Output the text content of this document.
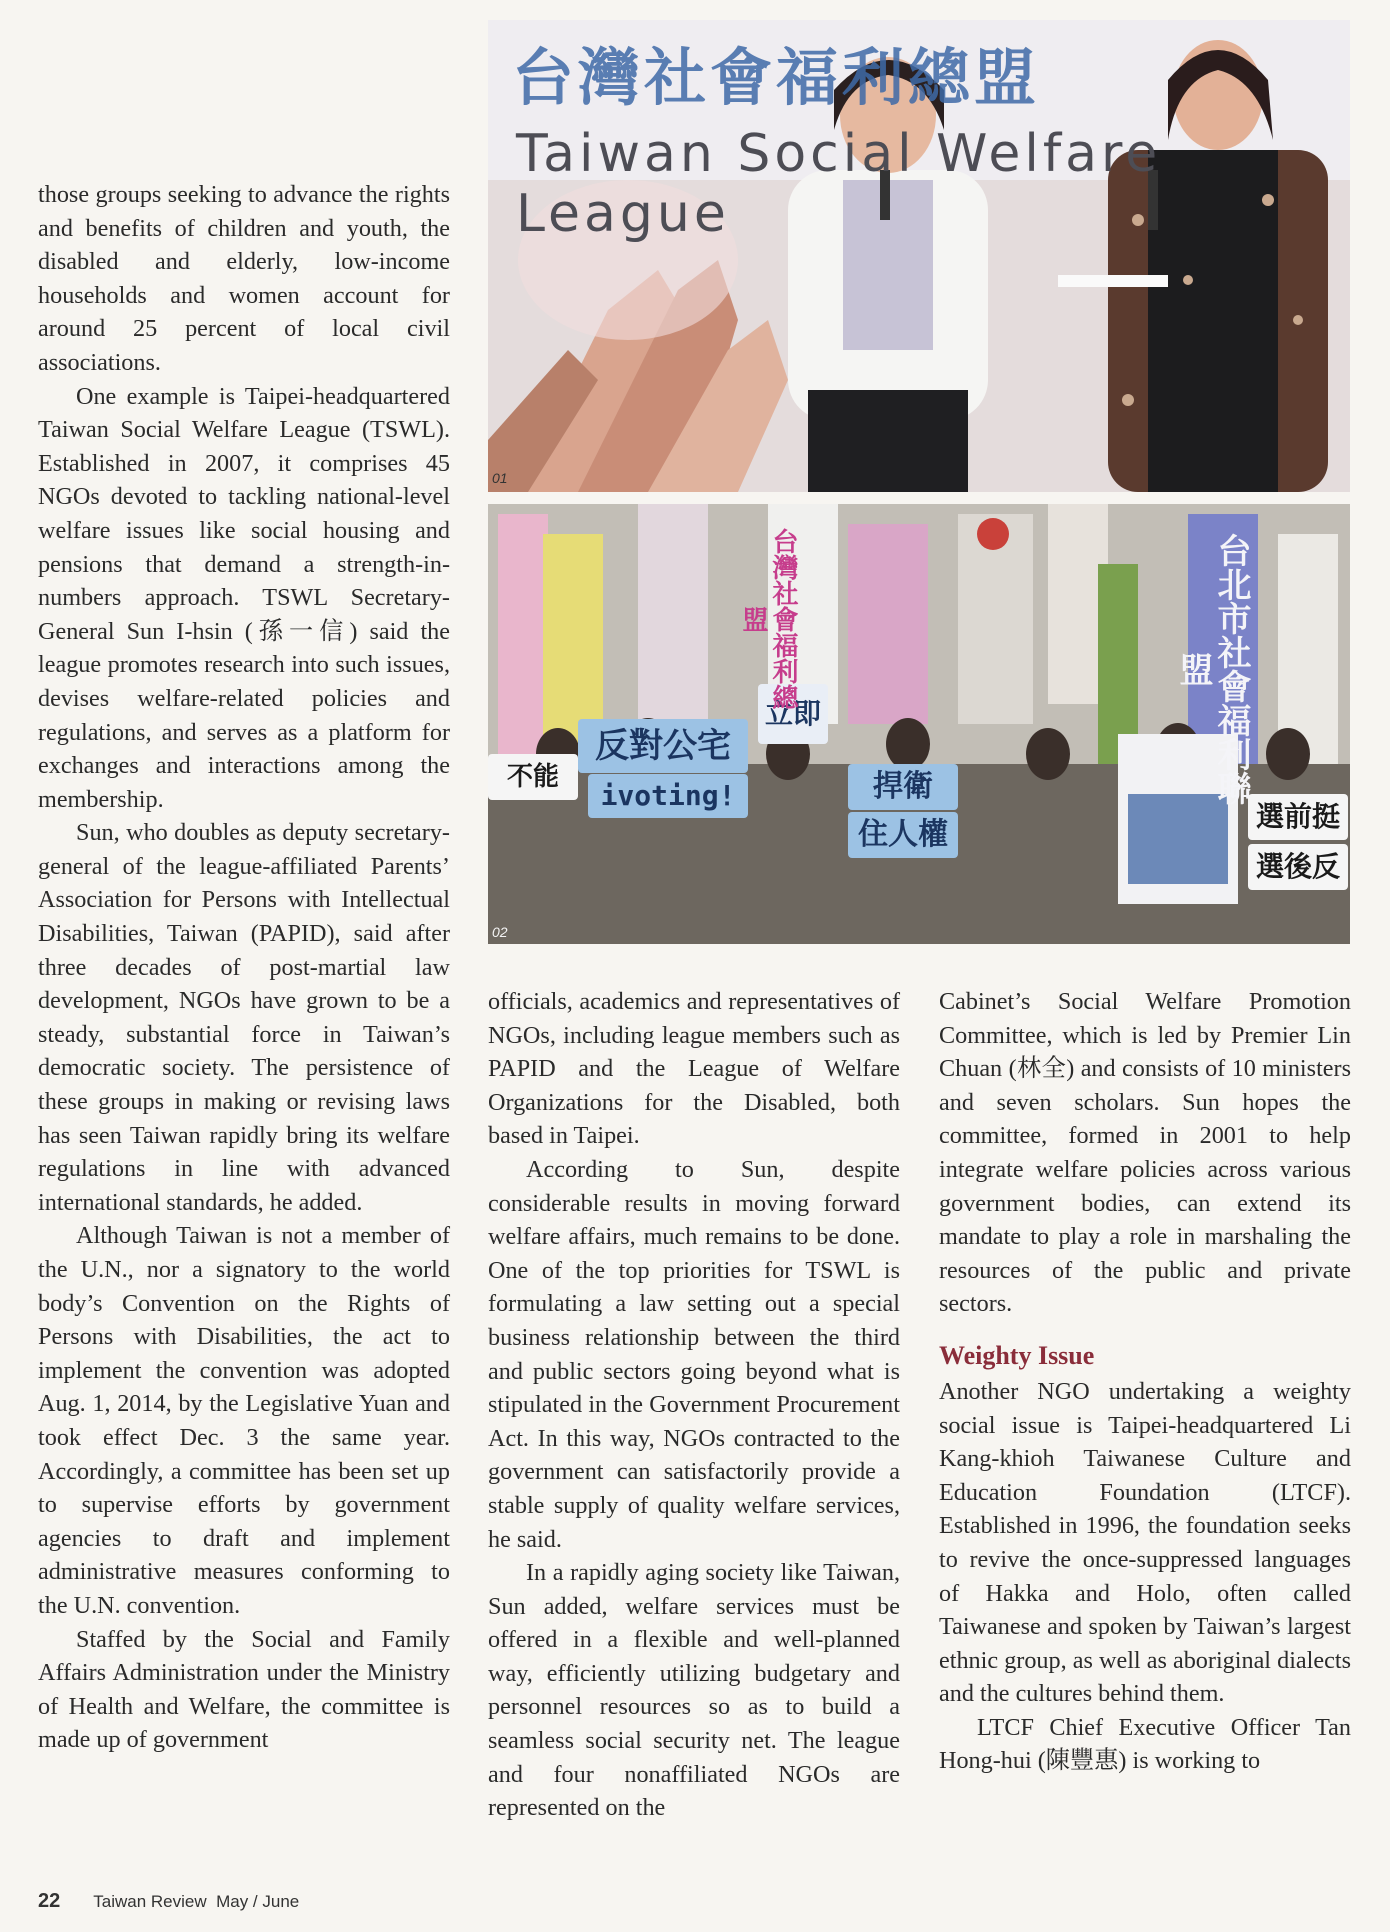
those groups seeking to advance the rights and benefits of children and youth, the disabled and elderly, low-income households and women account for around 25 percent of local civil associations.

One example is Taipei-headquartered Taiwan Social Welfare League (TSWL). Established in 2007, it comprises 45 NGOs devoted to tackling national-level welfare issues like social housing and pensions that demand a strength-in-numbers approach. TSWL Secretary-General Sun I-hsin (孫一信) said the league promotes research into such issues, devises welfare-related policies and regulations, and serves as a platform for exchanges and interactions among the membership.

Sun, who doubles as deputy secretary-general of the league-affiliated Parents’ Association for Persons with Intellectual Disabilities, Taiwan (PAPID), said after three decades of post-martial law development, NGOs have grown to be a steady, substantial force in Taiwan’s democratic society. The persistence of these groups in making or revising laws has seen Taiwan rapidly bring its welfare regulations in line with advanced international standards, he added.

Although Taiwan is not a member of the U.N., nor a signatory to the world body’s Convention on the Rights of Persons with Disabilities, the act to implement the convention was adopted Aug. 1, 2014, by the Legislative Yuan and took effect Dec. 3 the same year. Accordingly, a committee has been set up to supervise efforts by government agencies to draft and implement administrative measures conforming to the U.N. convention.

Staffed by the Social and Family Affairs Administration under the Ministry of Health and Welfare, the committee is made up of government

台灣社會福利總盟
Taiwan Social Welfare League
01
反對公宅
ivoting!
立即
捍衛
住人權
選前挺
選後反
不能	台北市社會福利聯盟
台灣社會福利總盟
02

officials, academics and representatives of NGOs, including league members such as PAPID and the League of Welfare Organizations for the Disabled, both based in Taipei.

According to Sun, despite considerable results in moving forward welfare affairs, much remains to be done. One of the top priorities for TSWL is formulating a law setting out a special business relationship between the third and public sectors going beyond what is stipulated in the Government Procurement Act. In this way, NGOs contracted to the government can satisfactorily provide a stable supply of quality welfare services, he said.

In a rapidly aging society like Taiwan, Sun added, welfare services must be offered in a flexible and well-planned way, efficiently utilizing budgetary and personnel resources so as to build a seamless social security net. The league and four nonaffiliated NGOs are represented on the

Cabinet’s Social Welfare Promotion Committee, which is led by Premier Lin Chuan (林全) and consists of 10 ministers and seven scholars. Sun hopes the committee, formed in 2001 to help integrate welfare policies across various government bodies, can extend its mandate to play a role in marshaling the resources of the public and private sectors.

Weighty Issue

Another NGO undertaking a weighty social issue is Taipei-headquartered Li Kang-khioh Taiwanese Culture and Education Foundation (LTCF). Established in 1996, the foundation seeks to revive the once-suppressed languages of Hakka and Holo, often called Taiwanese and spoken by Taiwan’s largest ethnic group, as well as aboriginal dialects and the cultures behind them.

LTCF Chief Executive Officer Tan Hong-hui (陳豐惠) is working to

22 Taiwan Review  May / June
